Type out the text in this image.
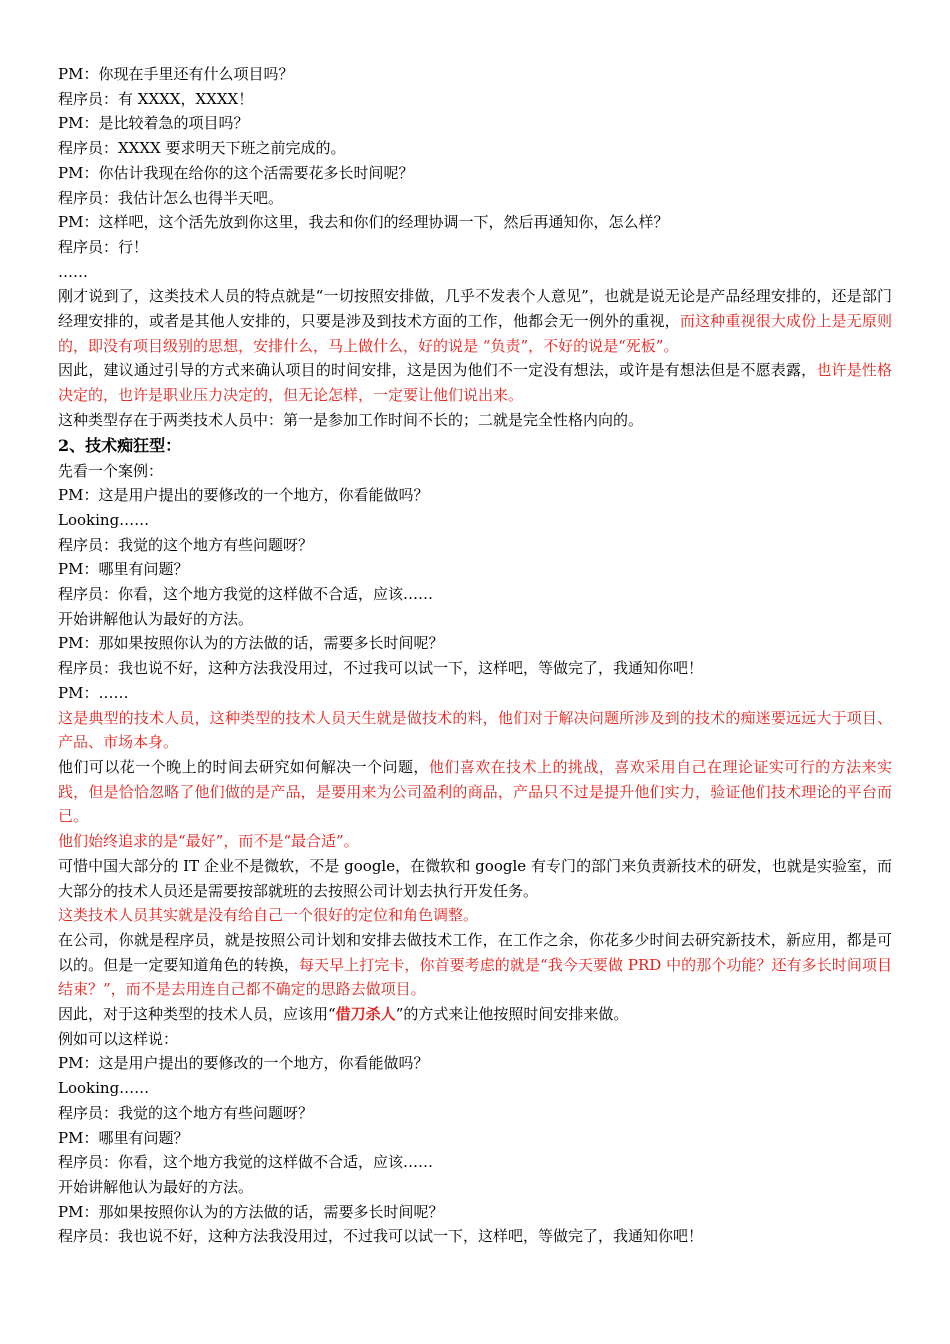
PM：你现在手里还有什么项目吗？

程序员：有 XXXX，XXXX！

PM：是比较着急的项目吗？

程序员：XXXX 要求明天下班之前完成的。

PM：你估计我现在给你的这个活需要花多长时间呢？

程序员：我估计怎么也得半天吧。

PM：这样吧，这个活先放到你这里，我去和你们的经理协调一下，然后再通知你，怎么样？

程序员：行！

……

刚才说到了，这类技术人员的特点就是“一切按照安排做，几乎不发表个人意见”，也就是说无论是产品经理安排的，还是部门经理安排的，或者是其他人安排的，只要是涉及到技术方面的工作，他都会无一例外的重视，而这种重视很大成份上是无原则的，即没有项目级别的思想，安排什么，马上做什么，好的说是 “负责”，不好的说是“死板”。

因此，建议通过引导的方式来确认项目的时间安排，这是因为他们不一定没有想法，或许是有想法但是不愿表露，也许是性格决定的，也许是职业压力决定的，但无论怎样，一定要让他们说出来。

这种类型存在于两类技术人员中：第一是参加工作时间不长的；二就是完全性格内向的。

2、技术痴狂型：

先看一个案例：

PM：这是用户提出的要修改的一个地方，你看能做吗？

Looking……

程序员：我觉的这个地方有些问题呀？

PM：哪里有问题？

程序员：你看，这个地方我觉的这样做不合适，应该……

开始讲解他认为最好的方法。

PM：那如果按照你认为的方法做的话，需要多长时间呢？

程序员：我也说不好，这种方法我没用过，不过我可以试一下，这样吧，等做完了，我通知你吧！

PM：……

这是典型的技术人员，这种类型的技术人员天生就是做技术的料，他们对于解决问题所涉及到的技术的痴迷要远远大于项目、产品、市场本身。

他们可以花一个晚上的时间去研究如何解决一个问题，他们喜欢在技术上的挑战，喜欢采用自己在理论证实可行的方法来实践，但是恰恰忽略了他们做的是产品，是要用来为公司盈利的商品，产品只不过是提升他们实力，验证他们技术理论的平台而已。

他们始终追求的是“最好”，而不是“最合适”。

可惜中国大部分的 IT 企业不是微软，不是 google，在微软和 google 有专门的部门来负责新技术的研发，也就是实验室，而大部分的技术人员还是需要按部就班的去按照公司计划去执行开发任务。

这类技术人员其实就是没有给自己一个很好的定位和角色调整。

在公司，你就是程序员，就是按照公司计划和安排去做技术工作，在工作之余，你花多少时间去研究新技术，新应用，都是可以的。但是一定要知道角色的转换，每天早上打完卡，你首要考虑的就是“我今天要做 PRD 中的那个功能？还有多长时间项目结束？”，而不是去用连自己都不确定的思路去做项目。

因此，对于这种类型的技术人员，应该用“借刀杀人”的方式来让他按照时间安排来做。

例如可以这样说：

PM：这是用户提出的要修改的一个地方，你看能做吗？

Looking……

程序员：我觉的这个地方有些问题呀？

PM：哪里有问题？

程序员：你看，这个地方我觉的这样做不合适，应该……

开始讲解他认为最好的方法。

PM：那如果按照你认为的方法做的话，需要多长时间呢？

程序员：我也说不好，这种方法我没用过，不过我可以试一下，这样吧，等做完了，我通知你吧！
